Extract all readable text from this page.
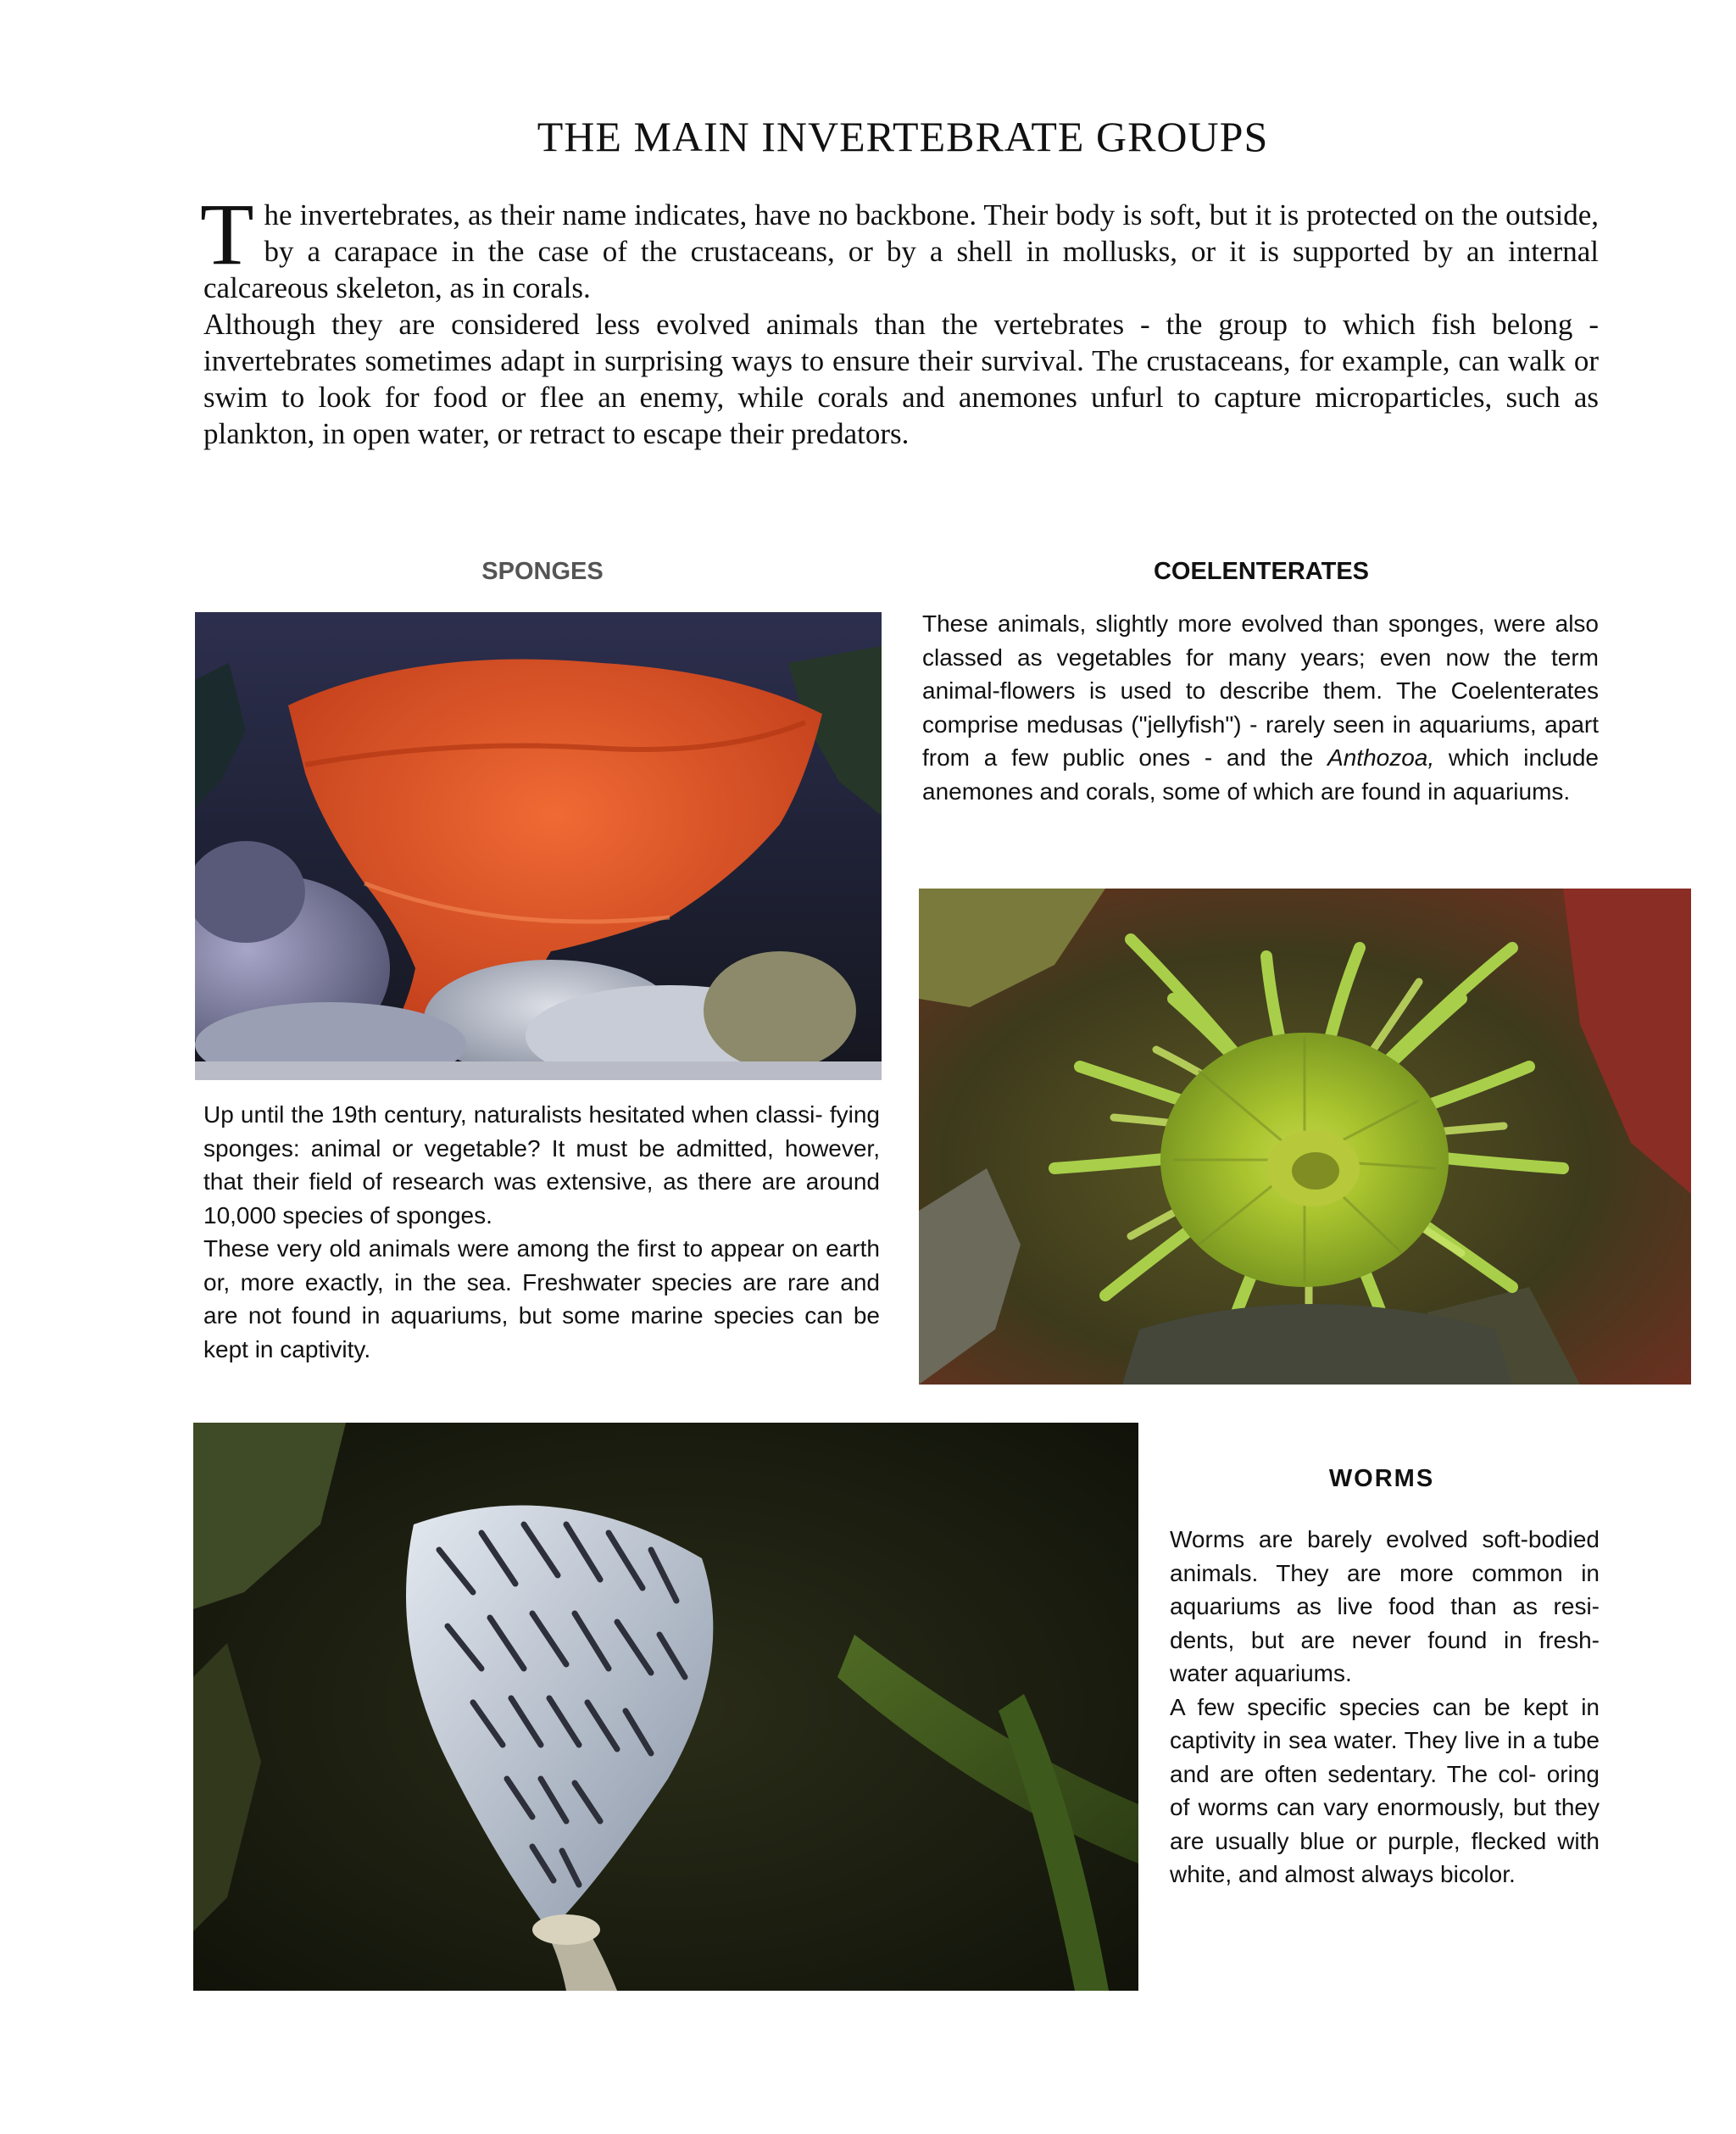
THE MAIN INVERTEBRATE GROUPS

The invertebrates, as their name indicates, have no backbone. Their body is soft, but it is protected on the outside, by a carapace in the case of the crustaceans, or by a shell in mollusks, or it is supported by an internal calcareous skeleton, as in corals.

Although they are considered less evolved animals than the vertebrates - the group to which fish belong - invertebrates sometimes adapt in surprising ways to ensure their survival. The crustaceans, for example, can walk or swim to look for food or flee an enemy, while corals and anemones unfurl to capture microparticles, such as plankton, in open water, or retract to escape their predators.

SPONGES

Up until the 19th century, naturalists hesitated when classi- fying sponges: animal or vegetable? It must be admitted, however, that their field of research was extensive, as there are around 10,000 species of sponges.

These very old animals were among the first to appear on earth or, more exactly, in the sea. Freshwater species are rare and are not found in aquariums, but some marine species can be kept in captivity.

COELENTERATES
These animals, slightly more evolved than sponges, were also classed as vegetables for many years; even now the term animal-flowers is used to describe them. The Coelenterates comprise medusas ("jellyfish") - rarely seen in aquariums, apart from a few public ones - and the Anthozoa, which include anemones and corals, some of which are found in aquariums.
WORMS

Worms are barely evolved soft-bodied animals. They are more common in aquariums as live food than as resi- dents, but are never found in fresh- water aquariums.

A few specific species can be kept in captivity in sea water. They live in a tube and are often sedentary. The col- oring of worms can vary enormously, but they are usually blue or purple, flecked with white, and almost always bicolor.
